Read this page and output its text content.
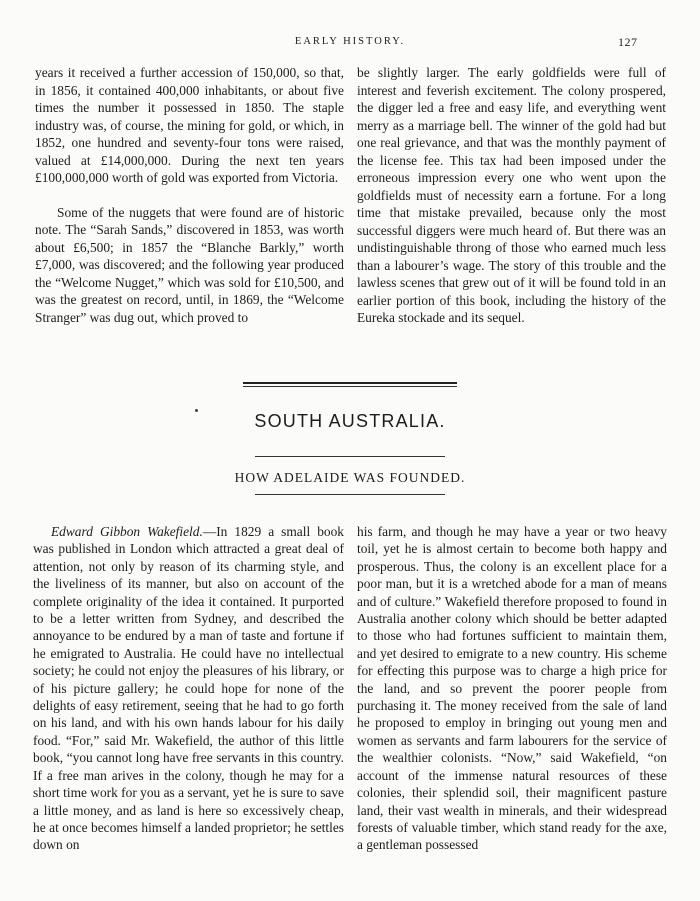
EARLY HISTORY.	127

years it received a further accession of 150,000, so that, in 1856, it contained 400,000 inhabitants, or about five times the number it possessed in 1850. The staple industry was, of course, the mining for gold, or which, in 1852, one hundred and seventy-four tons were raised, valued at £14,000,000. During the next ten years £100,000,000 worth of gold was exported from Victoria.

Some of the nuggets that were found are of historic note. The “Sarah Sands,” discovered in 1853, was worth about £6,500; in 1857 the “Blanche Barkly,” worth £7,000, was discovered; and the following year produced the “Welcome Nugget,” which was sold for £10,500, and was the greatest on record, until, in 1869, the “Welcome Stranger” was dug out, which proved to

be slightly larger. The early goldfields were full of interest and feverish excitement. The colony prospered, the digger led a free and easy life, and everything went merry as a marriage bell. The winner of the gold had but one real grievance, and that was the monthly payment of the license fee. This tax had been imposed under the erroneous impression every one who went upon the goldfields must of necessity earn a fortune. For a long time that mistake prevailed, because only the most successful diggers were much heard of. But there was an undistinguishable throng of those who earned much less than a labourer’s wage. The story of this trouble and the lawless scenes that grew out of it will be found told in an earlier portion of this book, including the history of the Eureka stockade and its sequel.

SOUTH AUSTRALIA.
HOW ADELAIDE WAS FOUNDED.

Edward Gibbon Wakefield.—In 1829 a small book was published in London which attracted a great deal of attention, not only by reason of its charming style, and the liveliness of its manner, but also on account of the complete originality of the idea it contained. It purported to be a letter written from Sydney, and described the annoyance to be endured by a man of taste and fortune if he emigrated to Australia. He could have no intellectual society; he could not enjoy the pleasures of his library, or of his picture gallery; he could hope for none of the delights of easy retirement, seeing that he had to go forth on his land, and with his own hands labour for his daily food. “For,” said Mr. Wakefield, the author of this little book, “you cannot long have free servants in this country. If a free man arives in the colony, though he may for a short time work for you as a servant, yet he is sure to save a little money, and as land is here so excessively cheap, he at once becomes himself a landed proprietor; he settles down on

his farm, and though he may have a year or two heavy toil, yet he is almost certain to become both happy and prosperous. Thus, the colony is an excellent place for a poor man, but it is a wretched abode for a man of means and of culture.” Wakefield therefore proposed to found in Australia another colony which should be better adapted to those who had fortunes sufficient to maintain them, and yet desired to emigrate to a new country. His scheme for effecting this purpose was to charge a high price for the land, and so prevent the poorer people from purchasing it. The money received from the sale of land he proposed to employ in bringing out young men and women as servants and farm labourers for the service of the wealthier colonists. “Now,” said Wakefield, “on account of the immense natural resources of these colonies, their splendid soil, their magnificent pasture land, their vast wealth in minerals, and their widespread forests of valuable timber, which stand ready for the axe, a gentleman possessed
